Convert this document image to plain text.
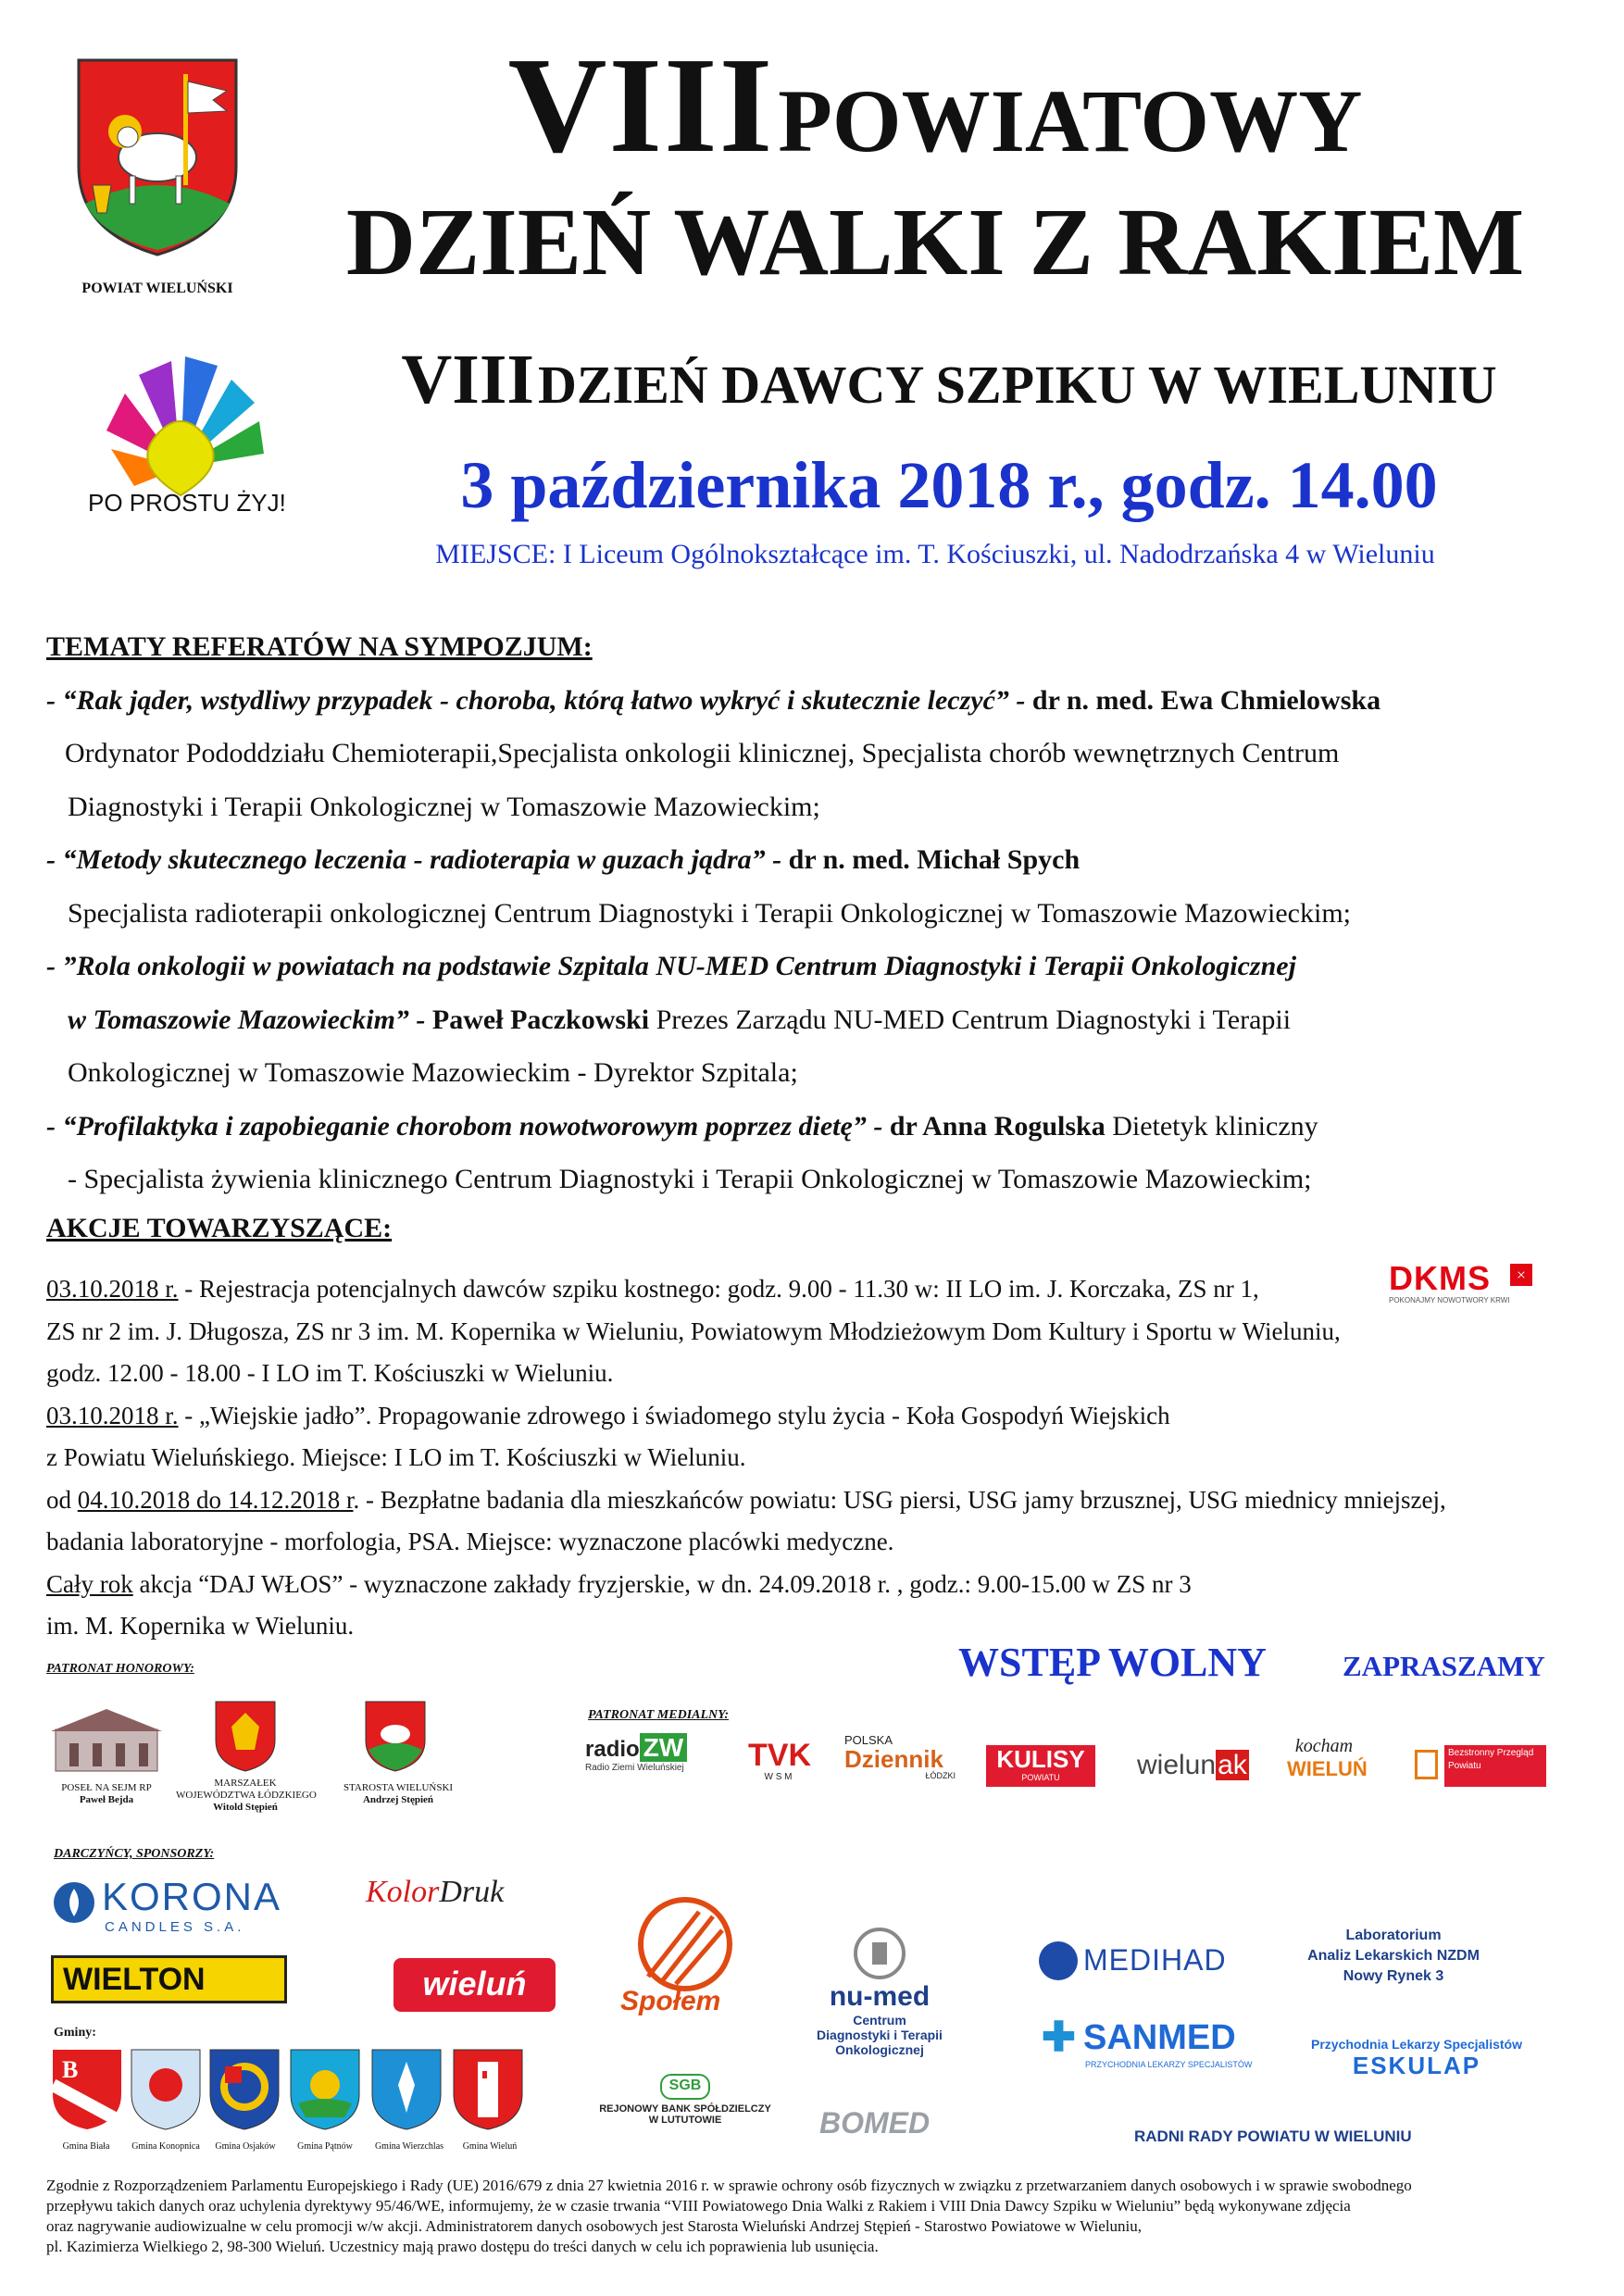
POWIAT WIELUŃSKI
PO PROSTU ŻYJ!
VIII POWIATOWY
DZIEŃ WALKI Z RAKIEM
VIII DZIEŃ DAWCY SZPIKU W WIELUNIU
3 października 2018 r., godz. 14.00
MIEJSCE: I Liceum Ogólnokształcące im. T. Kościuszki, ul. Nadodrzańska 4 w Wieluniu

TEMATY REFERATÓW NA SYMPOZJUM:

- “Rak jąder, wstydliwy przypadek - choroba, którą łatwo wykryć i skutecznie leczyć” - dr n. med. Ewa Chmielowska

Ordynator Pododdziału Chemioterapii,Specjalista onkologii klinicznej, Specjalista chorób wewnętrznych Centrum

Diagnostyki i Terapii Onkologicznej w Tomaszowie Mazowieckim;

- “Metody skutecznego leczenia - radioterapia w guzach jądra” - dr n. med. Michał Spych

Specjalista radioterapii onkologicznej Centrum Diagnostyki i Terapii Onkologicznej w Tomaszowie Mazowieckim;

- ”Rola onkologii w powiatach na podstawie Szpitala NU-MED Centrum Diagnostyki i Terapii Onkologicznej

w Tomaszowie Mazowieckim” - Paweł Paczkowski Prezes Zarządu NU-MED Centrum Diagnostyki i Terapii

Onkologicznej w Tomaszowie Mazowieckim - Dyrektor Szpitala;

- “Profilaktyka i zapobieganie chorobom nowotworowym poprzez dietę” - dr Anna Rogulska Dietetyk kliniczny

- Specjalista żywienia klinicznego Centrum Diagnostyki i Terapii Onkologicznej w Tomaszowie Mazowieckim;

AKCJE TOWARZYSZĄCE:

03.10.2018 r. - Rejestracja potencjalnych dawców szpiku kostnego: godz. 9.00 - 11.30 w: II LO im. J. Korczaka, ZS nr 1,

ZS nr 2 im. J. Długosza, ZS nr 3 im. M. Kopernika w Wieluniu, Powiatowym Młodzieżowym Dom Kultury i Sportu w Wieluniu,

godz. 12.00 - 18.00 - I LO im T. Kościuszki w Wieluniu.

03.10.2018 r. - „Wiejskie jadło”. Propagowanie zdrowego i świadomego stylu życia - Koła Gospodyń Wiejskich

z Powiatu Wieluńskiego. Miejsce: I LO im T. Kościuszki w Wieluniu.

od 04.10.2018 do 14.12.2018 r. - Bezpłatne badania dla mieszkańców powiatu: USG piersi, USG jamy brzusznej, USG miednicy mniejszej,

badania laboratoryjne - morfologia, PSA. Miejsce: wyznaczone placówki medyczne.

Cały rok akcja “DAJ WŁOS” - wyznaczone zakłady fryzjerskie, w dn. 24.09.2018 r. , godz.: 9.00-15.00 w ZS nr 3

im. M. Kopernika w Wieluniu.

DKMS	×
POKONAJMY NOWOTWORY KRWI
WSTĘP WOLNY	ZAPRASZAMY
PATRONAT HONOROWY:
POSEŁ NA SEJM RP
Paweł Bejda
MARSZAŁEK
WOJEWÓDZTWA ŁÓDZKIEGO
Witold Stępień
STAROSTA WIELUŃSKI
Andrzej Stępień
PATRONAT MEDIALNY:
radio ZW
Radio Ziemi Wieluńskiej	TVK
W S M
POLSKA
Dziennik
ŁÓDZKI
KULISY
POWIATU	wielunak
kocham
WIELUŃ
Bezstronny Przegląd Powiatu
DARCZYŃCY, SPONSORZY:
KORONA
CANDLES S.A.
WIELTON
KolorDruk
wieluń	Społem	nu-med
Centrum
Diagnostyki i Terapii
Onkologicznej
SGB
REJONOWY BANK SPÓŁDZIELCZY
W LUTUTOWIE	BOMED
MEDIHAD
Laboratorium
Analiz Lekarskich NZDM
Nowy Rynek 3
✚ SANMED
PRZYCHODNIA LEKARZY SPECJALISTÓW
Przychodnia Lekarzy Specjalistów
ESKULAP
RADNI RADY POWIATU W WIELUNIU
Gminy:
B
Gmina Biała	Gmina Konopnica	Gmina Osjaków	Gmina Pątnów	Gmina Wierzchlas	Gmina Wieluń

Zgodnie z Rozporządzeniem Parlamentu Europejskiego i Rady (UE) 2016/679 z dnia 27 kwietnia 2016 r. w sprawie ochrony osób fizycznych w związku z przetwarzaniem danych osobowych i w sprawie swobodnego

przepływu takich danych oraz uchylenia dyrektywy 95/46/WE, informujemy, że w czasie trwania “VIII Powiatowego Dnia Walki z Rakiem i VIII Dnia Dawcy Szpiku w Wieluniu” będą wykonywane zdjęcia

oraz nagrywanie audiowizualne w celu promocji w/w akcji. Administratorem danych osobowych jest Starosta Wieluński Andrzej Stępień - Starostwo Powiatowe w Wieluniu,

pl. Kazimierza Wielkiego 2, 98-300 Wieluń. Uczestnicy mają prawo dostępu do treści danych w celu ich poprawienia lub usunięcia.
